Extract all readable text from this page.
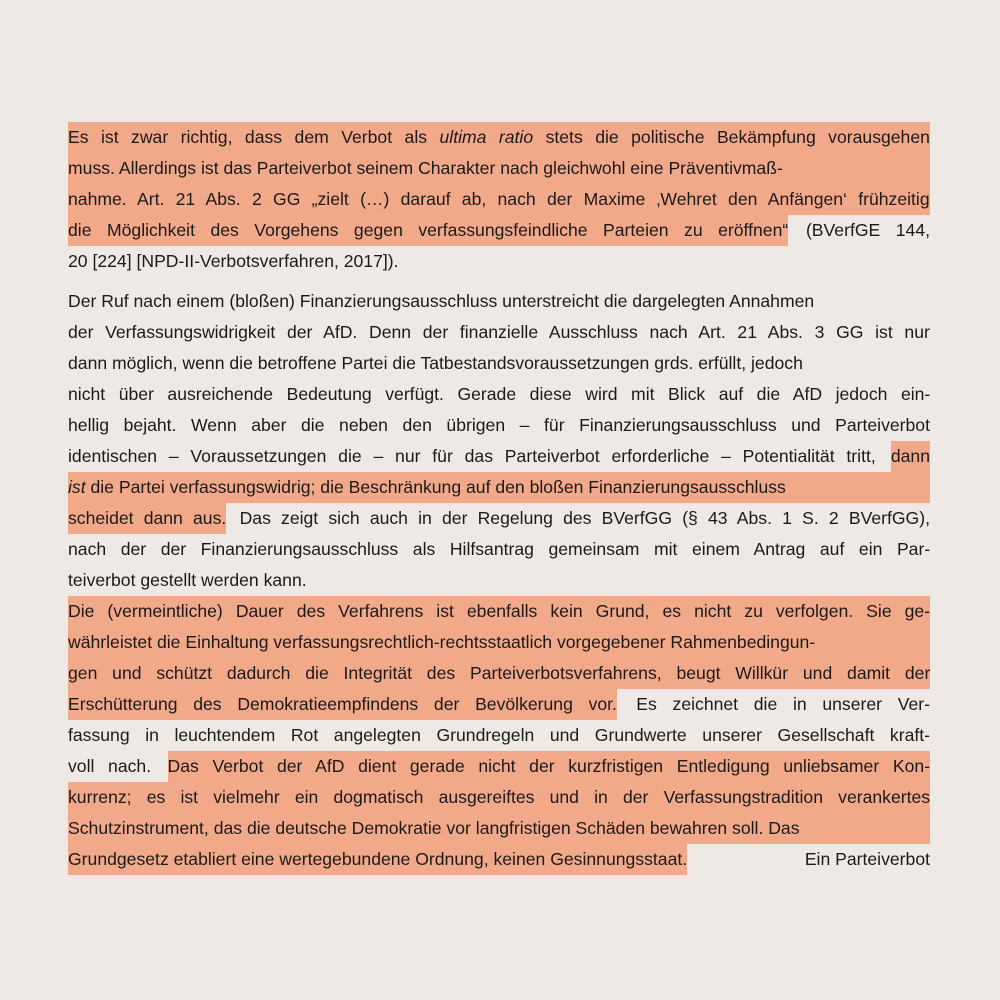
Es ist zwar richtig, dass dem Verbot als ultima ratio stets die politische Bekämpfung vorausgehen
muss. Allerdings ist das Parteiverbot seinem Charakter nach gleichwohl eine Präventivmaß-
nahme. Art. 21 Abs. 2 GG „zielt (…) darauf ab, nach der Maxime ‚Wehret den Anfängen‘ frühzeitig
die Möglichkeit des Vorgehens gegen verfassungsfeindliche Parteien zu eröffnen“ (BVerfGE 144,
20 [224] [NPD-II-Verbotsverfahren, 2017]).
Der Ruf nach einem (bloßen) Finanzierungsausschluss unterstreicht die dargelegten Annahmen
der Verfassungswidrigkeit der AfD. Denn der finanzielle Ausschluss nach Art. 21 Abs. 3 GG ist nur
dann möglich, wenn die betroffene Partei die Tatbestandsvoraussetzungen grds. erfüllt, jedoch
nicht über ausreichende Bedeutung verfügt. Gerade diese wird mit Blick auf die AfD jedoch ein-
hellig bejaht. Wenn aber die neben den übrigen – für Finanzierungsausschluss und Parteiverbot
identischen – Voraussetzungen die – nur für das Parteiverbot erforderliche – Potentialität tritt, dann
ist die Partei verfassungswidrig; die Beschränkung auf den bloßen Finanzierungsausschluss
scheidet dann aus. Das zeigt sich auch in der Regelung des BVerfGG (§ 43 Abs. 1 S. 2 BVerfGG),
nach der der Finanzierungsausschluss als Hilfsantrag gemeinsam mit einem Antrag auf ein Par-
teiverbot gestellt werden kann.
Die (vermeintliche) Dauer des Verfahrens ist ebenfalls kein Grund, es nicht zu verfolgen. Sie ge-
währleistet die Einhaltung verfassungsrechtlich-rechtsstaatlich vorgegebener Rahmenbedingun-
gen und schützt dadurch die Integrität des Parteiverbotsverfahrens, beugt Willkür und damit der
Erschütterung des Demokratieempfindens der Bevölkerung vor. Es zeichnet die in unserer Ver-
fassung in leuchtendem Rot angelegten Grundregeln und Grundwerte unserer Gesellschaft kraft-
voll nach. Das Verbot der AfD dient gerade nicht der kurzfristigen Entledigung unliebsamer Kon-
kurrenz; es ist vielmehr ein dogmatisch ausgereiftes und in der Verfassungstradition verankertes
Schutzinstrument, das die deutsche Demokratie vor langfristigen Schäden bewahren soll. Das
Grundgesetz etabliert eine wertegebundene Ordnung, keinen Gesinnungsstaat.	Ein Parteiverbot
